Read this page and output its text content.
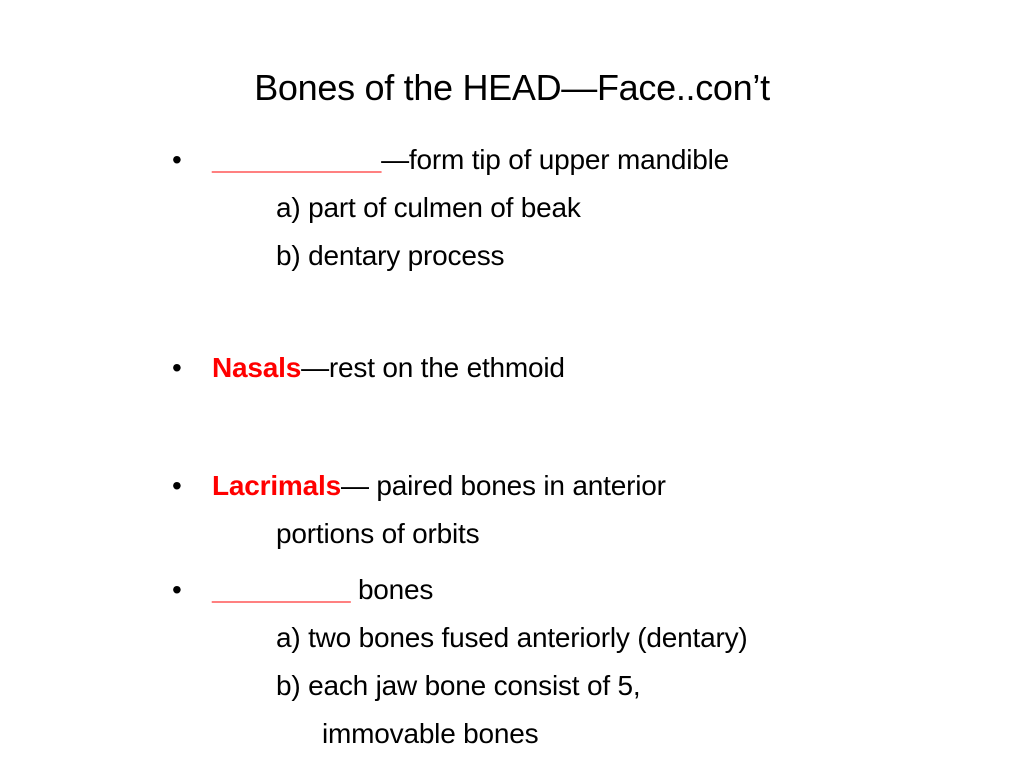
Bones of the HEAD—Face..con’t
•	___________—form tip of upper mandible
a) part of culmen of beak
b) dentary process
•	Nasals—rest on the ethmoid
•	Lacrimals— paired bones in anterior
portions of orbits
•	_________ bones
a) two bones fused anteriorly (dentary)
b) each jaw bone consist of 5,
immovable bones
